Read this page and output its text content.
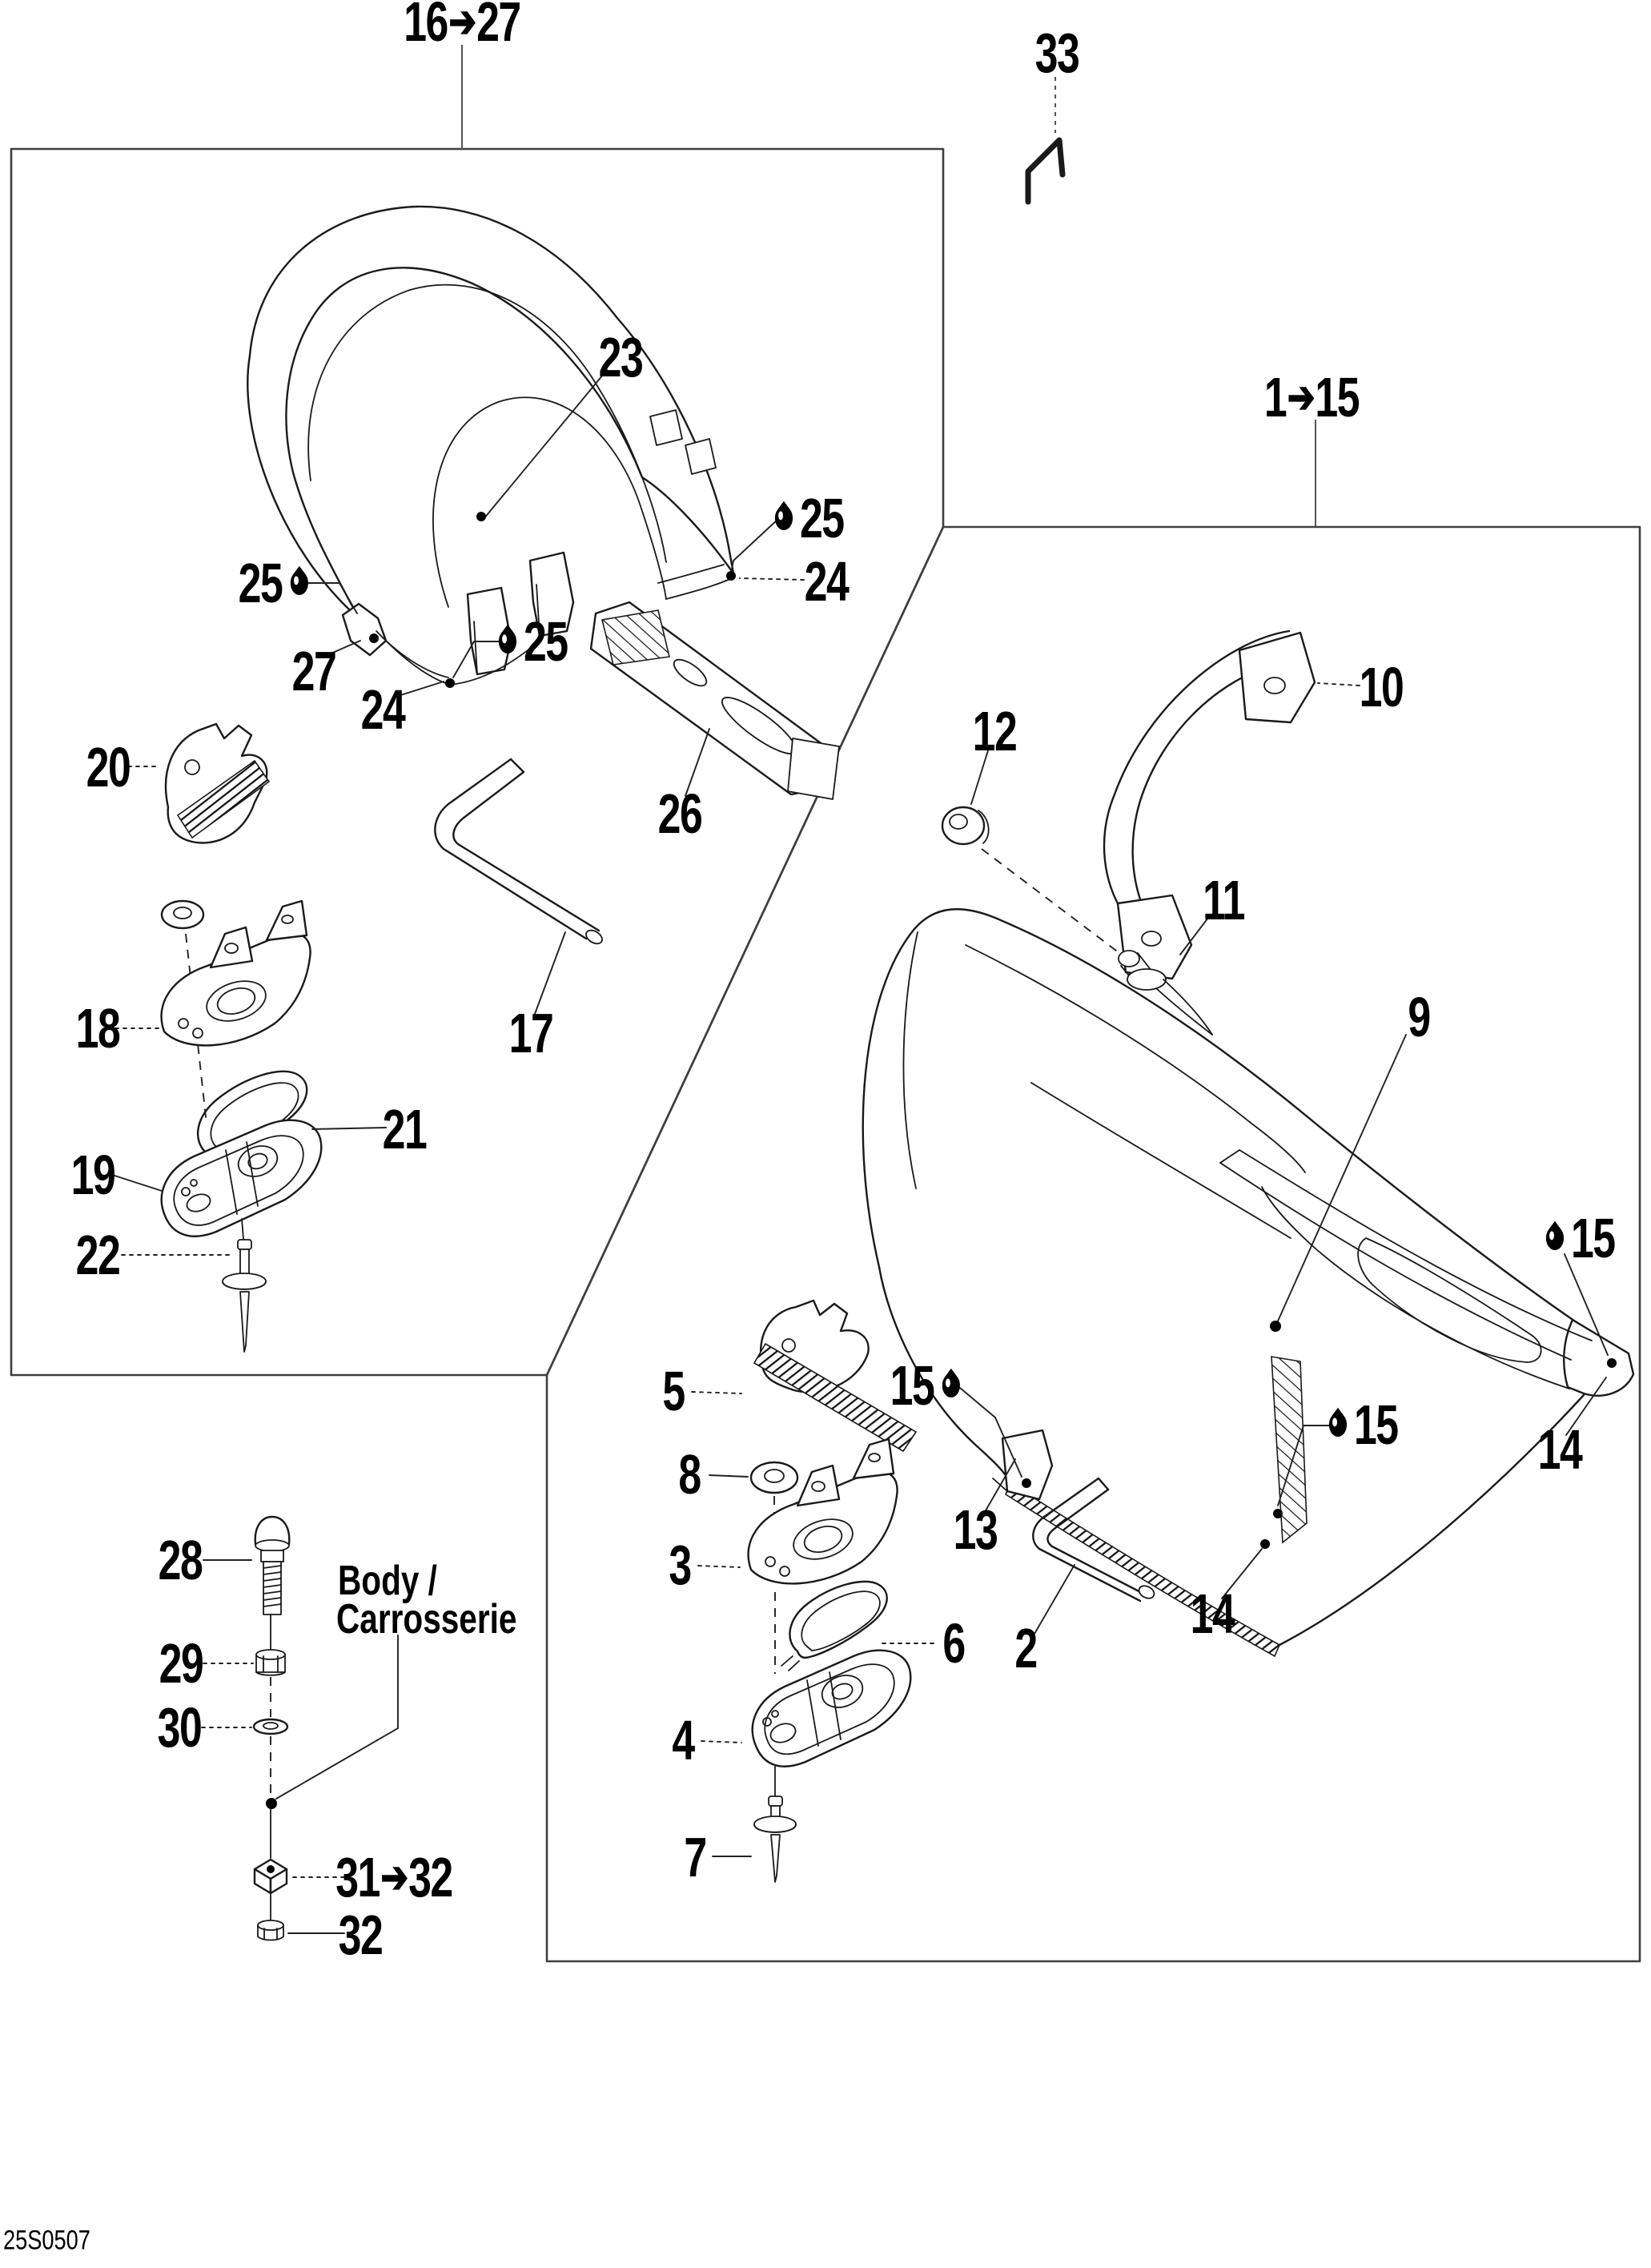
16 ➔ 27	33
1 ➔ 15
23
25
24
25
27	25
24
20
26
17
18
21
19
22
10
12
11
9
15
14
15
15
13
5
8
3
6 2
14
4
7
28	Body /
Carrosserie
29
30
31 ➔ 32
32
25S0507
